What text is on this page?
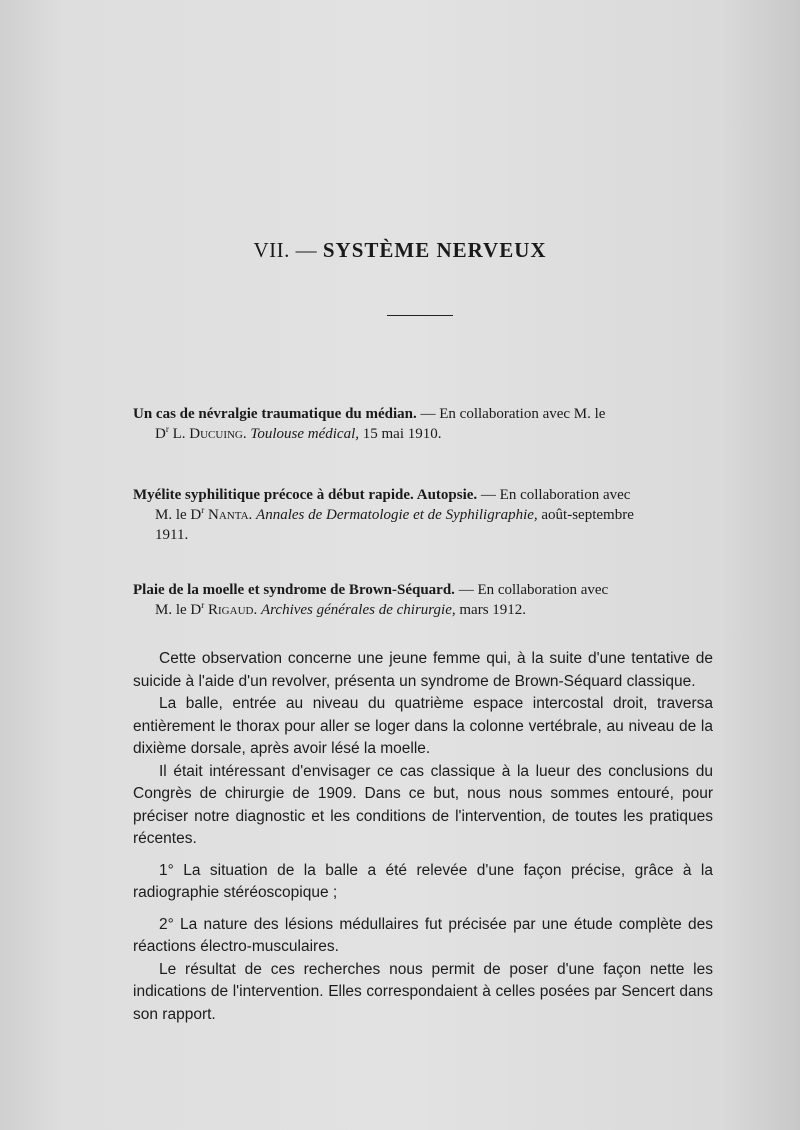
VII. — SYSTÈME NERVEUX
Un cas de névralgie traumatique du médian. — En collaboration avec M. le
$D^r$ L. Ducuing. Toulouse médical, 15 mai 1910.
Myélite syphilitique précoce à début rapide. Autopsie. — En collaboration avec
M. le $D^r$ Nanta. Annales de Dermatologie et de Syphiligraphie, août-septembre
1911.
Plaie de la moelle et syndrome de Brown-Séquard. — En collaboration avec
M. le $D^r$ Rigaud. Archives générales de chirurgie, mars 1912.

Cette observation concerne une jeune femme qui, à la suite d'une tentative de suicide à l'aide d'un revolver, présenta un syndrome de Brown-Séquard classique.

La balle, entrée au niveau du quatrième espace intercostal droit, traversa entièrement le thorax pour aller se loger dans la colonne vertébrale, au niveau de la dixième dorsale, après avoir lésé la moelle.

Il était intéressant d'envisager ce cas classique à la lueur des conclusions du Congrès de chirurgie de 1909. Dans ce but, nous nous sommes entouré, pour préciser notre diagnostic et les conditions de l'intervention, de toutes les pratiques récentes.

1° La situation de la balle a été relevée d'une façon précise, grâce à la radiographie stéréoscopique ;

2° La nature des lésions médullaires fut précisée par une étude complète des réactions électro-musculaires.

Le résultat de ces recherches nous permit de poser d'une façon nette les indications de l'intervention. Elles correspondaient à celles posées par Sencert dans son rapport.
